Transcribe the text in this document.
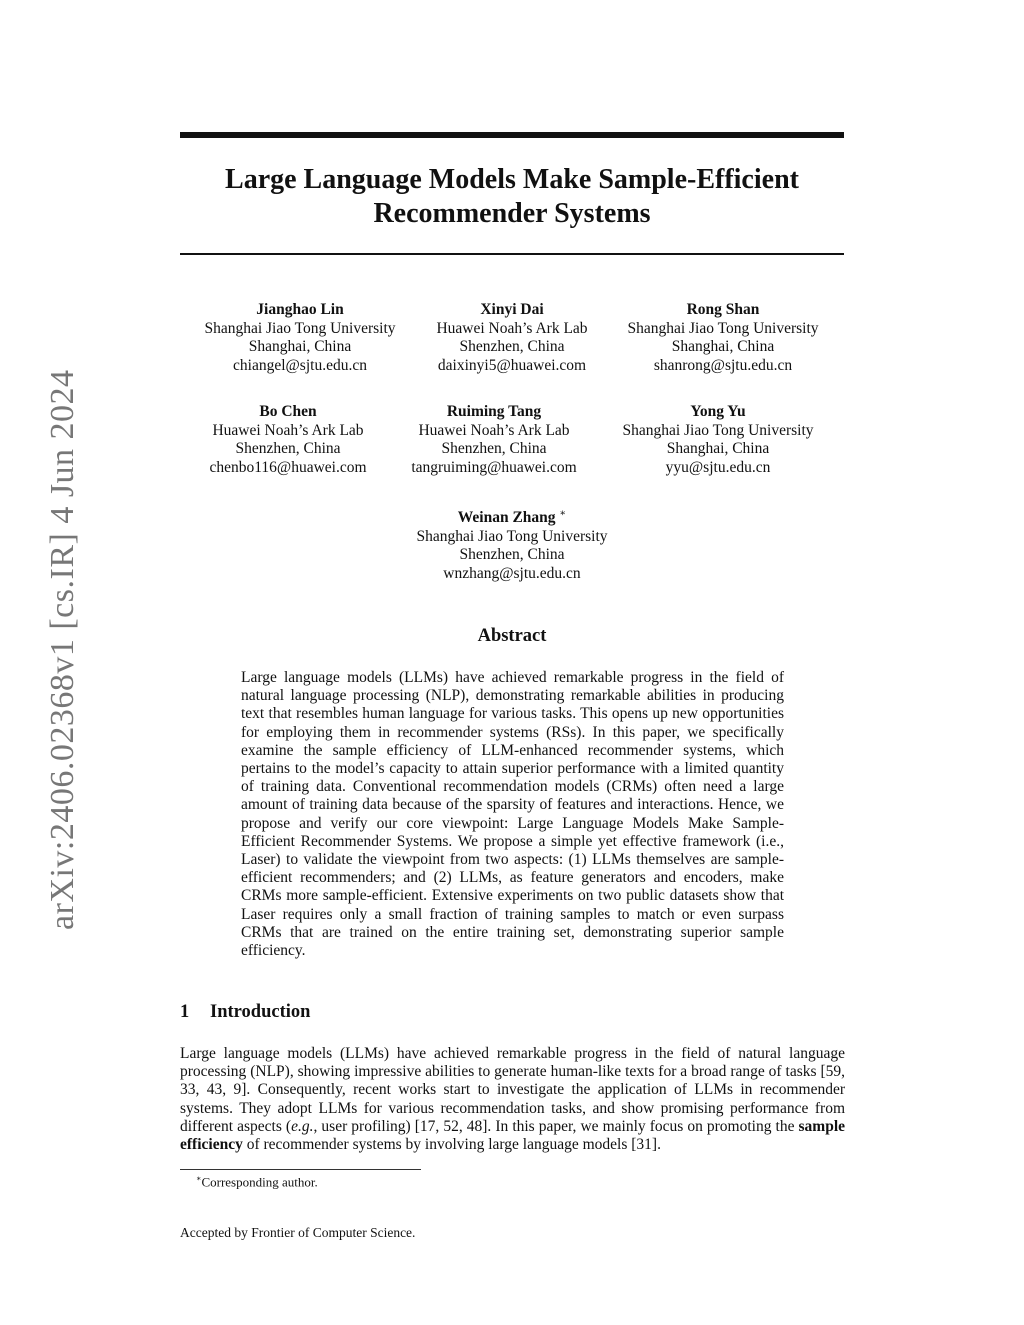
arXiv:2406.02368v1 [cs.IR] 4 Jun 2024
Large Language Models Make Sample-Efficient
Recommender Systems
Jianghao Lin
Shanghai Jiao Tong University
Shanghai, China
chiangel@sjtu.edu.cn
Xinyi Dai
Huawei Noah’s Ark Lab
Shenzhen, China
daixinyi5@huawei.com
Rong Shan
Shanghai Jiao Tong University
Shanghai, China
shanrong@sjtu.edu.cn
Bo Chen
Huawei Noah’s Ark Lab
Shenzhen, China
chenbo116@huawei.com
Ruiming Tang
Huawei Noah’s Ark Lab
Shenzhen, China
tangruiming@huawei.com
Yong Yu
Shanghai Jiao Tong University
Shanghai, China
yyu@sjtu.edu.cn
Weinan Zhang ∗
Shanghai Jiao Tong University
Shenzhen, China
wnzhang@sjtu.edu.cn
Abstract

Large language models (LLMs) have achieved remarkable progress in the field of natural language processing (NLP), demonstrating remarkable abilities in producing text that resembles human language for various tasks. This opens up new opportunities for employing them in recommender systems (RSs). In this paper, we specifically examine the sample efficiency of LLM-enhanced recommender systems, which pertains to the model’s capacity to attain superior performance with a limited quantity of training data. Conventional recommendation models (CRMs) often need a large amount of training data because of the sparsity of features and interactions. Hence, we propose and verify our core viewpoint: Large Language Models Make Sample-Efficient Recommender Systems. We propose a simple yet effective framework (i.e., Laser) to validate the viewpoint from two aspects: (1) LLMs themselves are sample-efficient recommenders; and (2) LLMs, as feature generators and encoders, make CRMs more sample-efficient. Extensive experiments on two public datasets show that Laser requires only a small fraction of training samples to match or even surpass CRMs that are trained on the entire training set, demonstrating superior sample efficiency.

1 Introduction

Large language models (LLMs) have achieved remarkable progress in the field of natural language processing (NLP), showing impressive abilities to generate human-like texts for a broad range of tasks [59, 33, 43, 9]. Consequently, recent works start to investigate the application of LLMs in recommender systems. They adopt LLMs for various recommendation tasks, and show promising performance from different aspects (e.g., user profiling) [17, 52, 48]. In this paper, we mainly focus on promoting the sample efficiency of recommender systems by involving large language models [31].

∗Corresponding author.
Accepted by Frontier of Computer Science.
